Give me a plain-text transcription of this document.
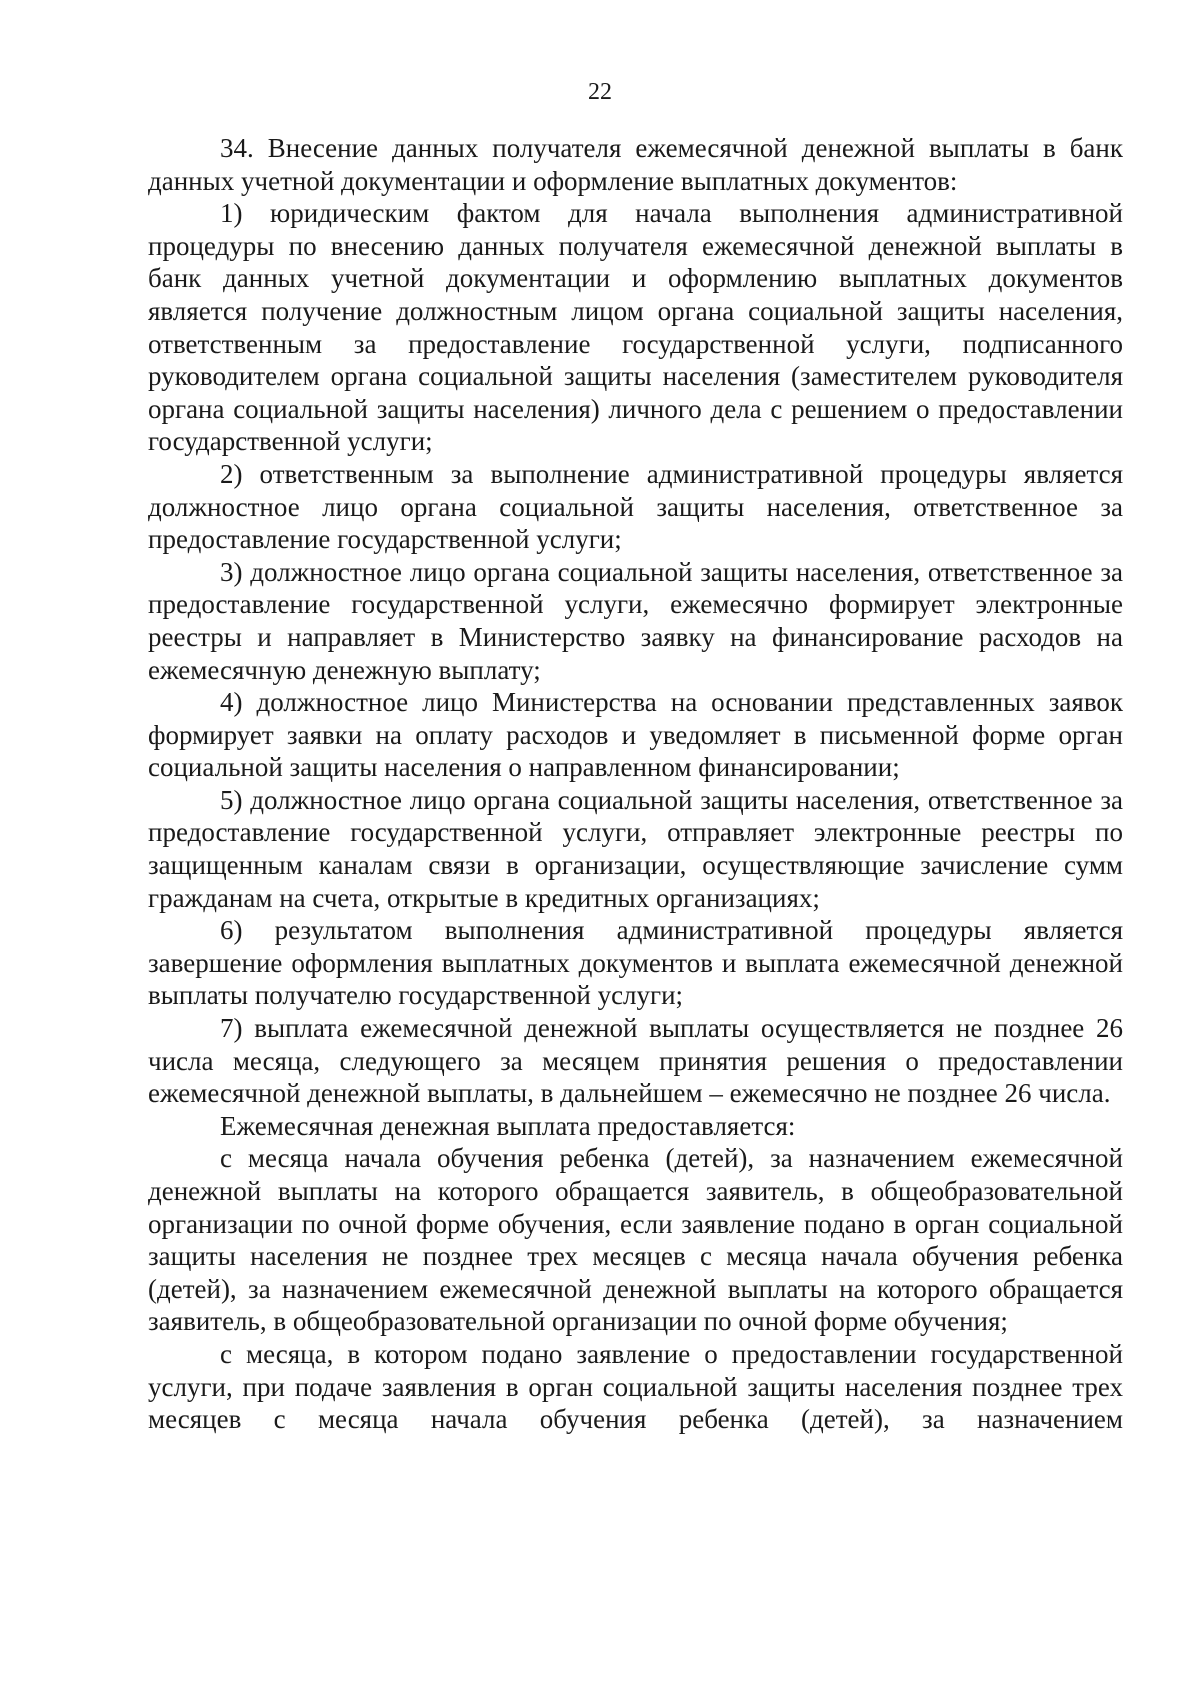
22

34. Внесение данных получателя ежемесячной денежной выплаты в банк данных учетной документации и оформление выплатных документов:

1) юридическим фактом для начала выполнения административной процедуры по внесению данных получателя ежемесячной денежной выплаты в банк данных учетной документации и оформлению выплатных документов является получение должностным лицом органа социальной защиты населения, ответственным за предоставление государственной услуги, подписанного руководителем органа социальной защиты населения (заместителем руководителя органа социальной защиты населения) личного дела с решением о предоставлении государственной услуги;

2) ответственным за выполнение административной процедуры является должностное лицо органа социальной защиты населения, ответственное за предоставление государственной услуги;

3) должностное лицо органа социальной защиты населения, ответственное за предоставление государственной услуги, ежемесячно формирует электронные реестры и направляет в Министерство заявку на финансирование расходов на ежемесячную денежную выплату;

4) должностное лицо Министерства на основании представленных заявок формирует заявки на оплату расходов и уведомляет в письменной форме орган социальной защиты населения о направленном финансировании;

5) должностное лицо органа социальной защиты населения, ответственное за предоставление государственной услуги, отправляет электронные реестры по защищенным каналам связи в организации, осуществляющие зачисление сумм гражданам на счета, открытые в кредитных организациях;

6) результатом выполнения административной процедуры является завершение оформления выплатных документов и выплата ежемесячной денежной выплаты получателю государственной услуги;

7) выплата ежемесячной денежной выплаты осуществляется не позднее 26 числа месяца, следующего за месяцем принятия решения о предоставлении ежемесячной денежной выплаты, в дальнейшем – ежемесячно не позднее 26 числа.

Ежемесячная денежная выплата предоставляется:

с месяца начала обучения ребенка (детей), за назначением ежемесячной денежной выплаты на которого обращается заявитель, в общеобразовательной организации по очной форме обучения, если заявление подано в орган социальной защиты населения не позднее трех месяцев с месяца начала обучения ребенка (детей), за назначением ежемесячной денежной выплаты на которого обращается заявитель, в общеобразовательной организации по очной форме обучения;

с месяца, в котором подано заявление о предоставлении государственной услуги, при подаче заявления в орган социальной защиты населения позднее трех месяцев с месяца начала обучения ребенка (детей), за назначением
